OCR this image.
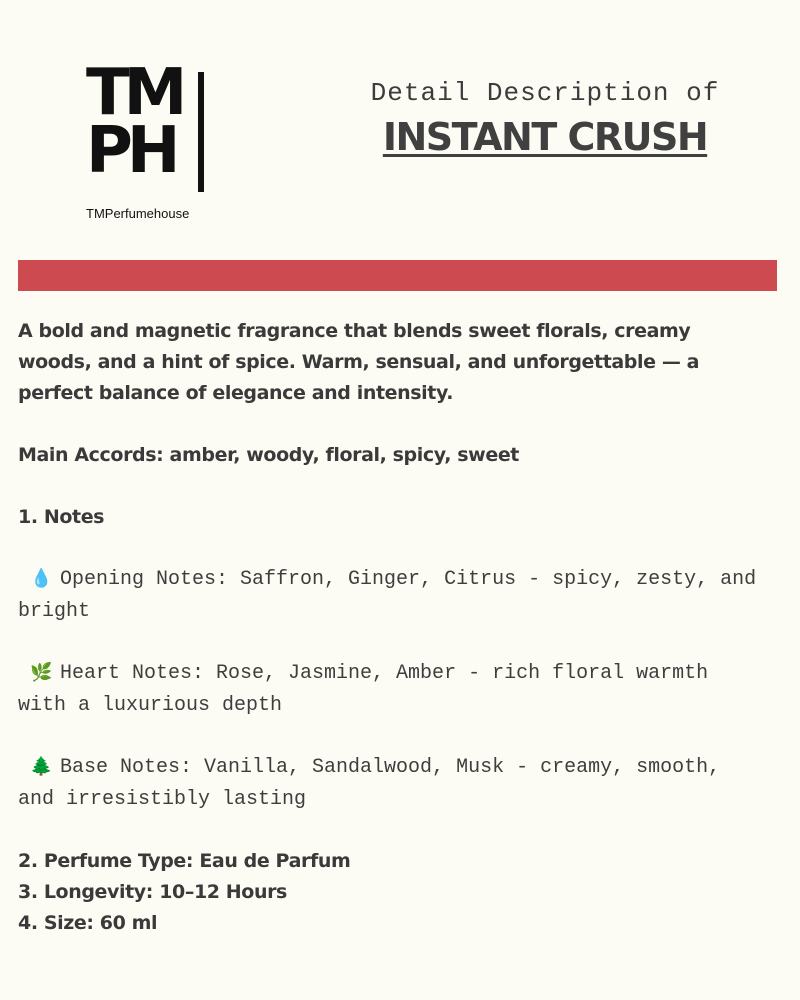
TM
PH
TMPerfumehouse
Detail Description of
INSTANT CRUSH

A bold and magnetic fragrance that blends sweet florals, creamy woods, and a hint of spice. Warm, sensual, and unforgettable — a perfect balance of elegance and intensity.

Main Accords: amber, woody, floral, spicy, sweet

1. Notes

💧 Opening Notes: Saffron, Ginger, Citrus - spicy, zesty, and bright

🌿 Heart Notes: Rose, Jasmine, Amber - rich floral warmth with a luxurious depth

🌲 Base Notes: Vanilla, Sandalwood, Musk - creamy, smooth, and irresistibly lasting

2. Perfume Type: Eau de Parfum

3. Longevity: 10–12 Hours

4. Size: 60 ml
